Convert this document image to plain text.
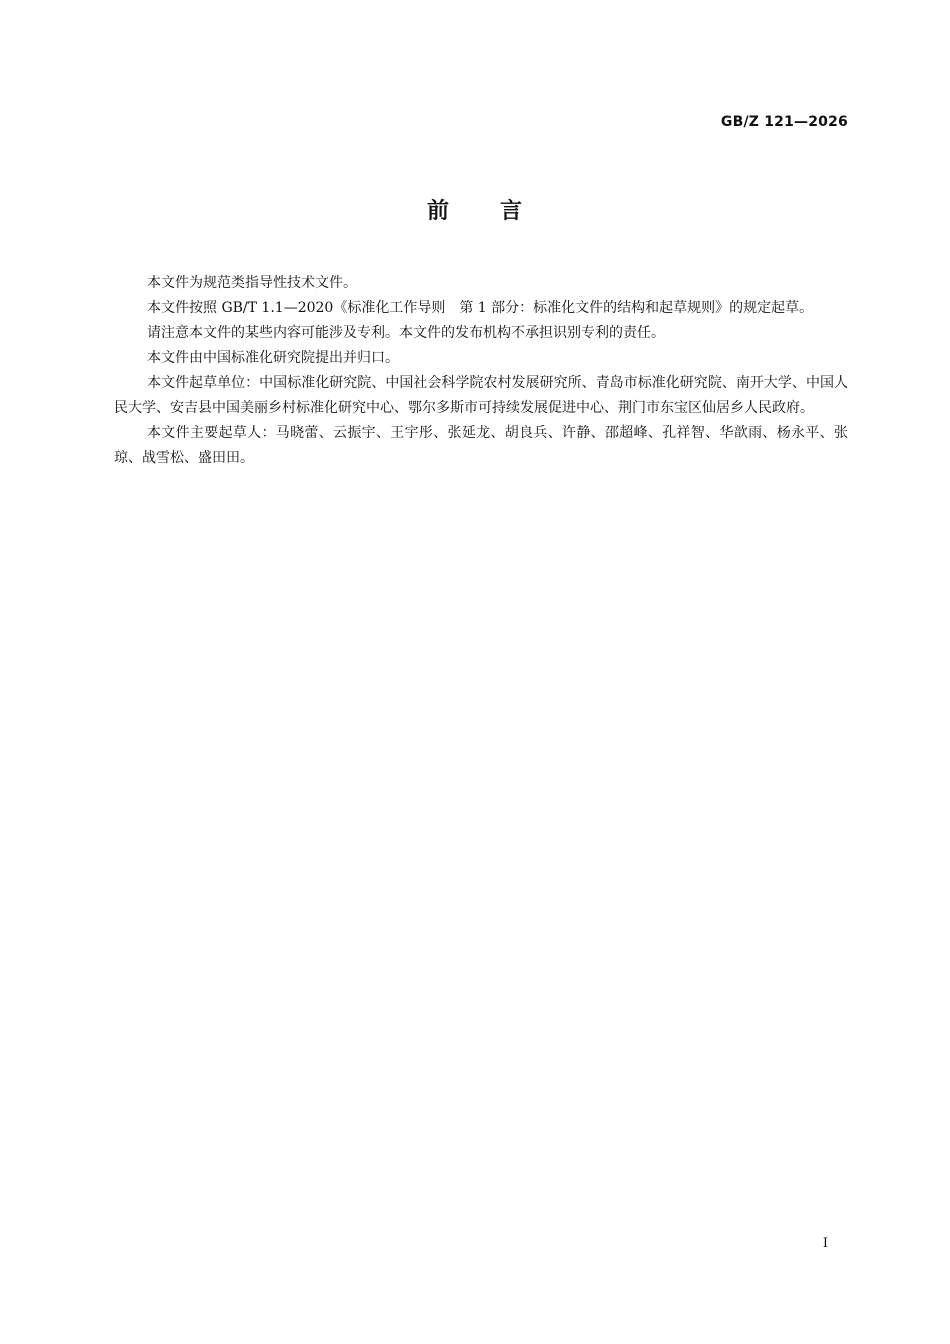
GB/Z 121—2026
前 言

本文件为规范类指导性技术文件。

本文件按照 GB/T 1.1—2020《标准化工作导则　第 1 部分：标准化文件的结构和起草规则》的规定起草。

请注意本文件的某些内容可能涉及专利。本文件的发布机构不承担识别专利的责任。

本文件由中国标准化研究院提出并归口。

本文件起草单位：中国标准化研究院、中国社会科学院农村发展研究所、青岛市标准化研究院、南开大学、中国人民大学、安吉县中国美丽乡村标准化研究中心、鄂尔多斯市可持续发展促进中心、荆门市东宝区仙居乡人民政府。

本文件主要起草人：马晓蕾、云振宇、王宇彤、张延龙、胡良兵、许静、邵超峰、孔祥智、华歆雨、杨永平、张琼、战雪松、盛田田。

I
